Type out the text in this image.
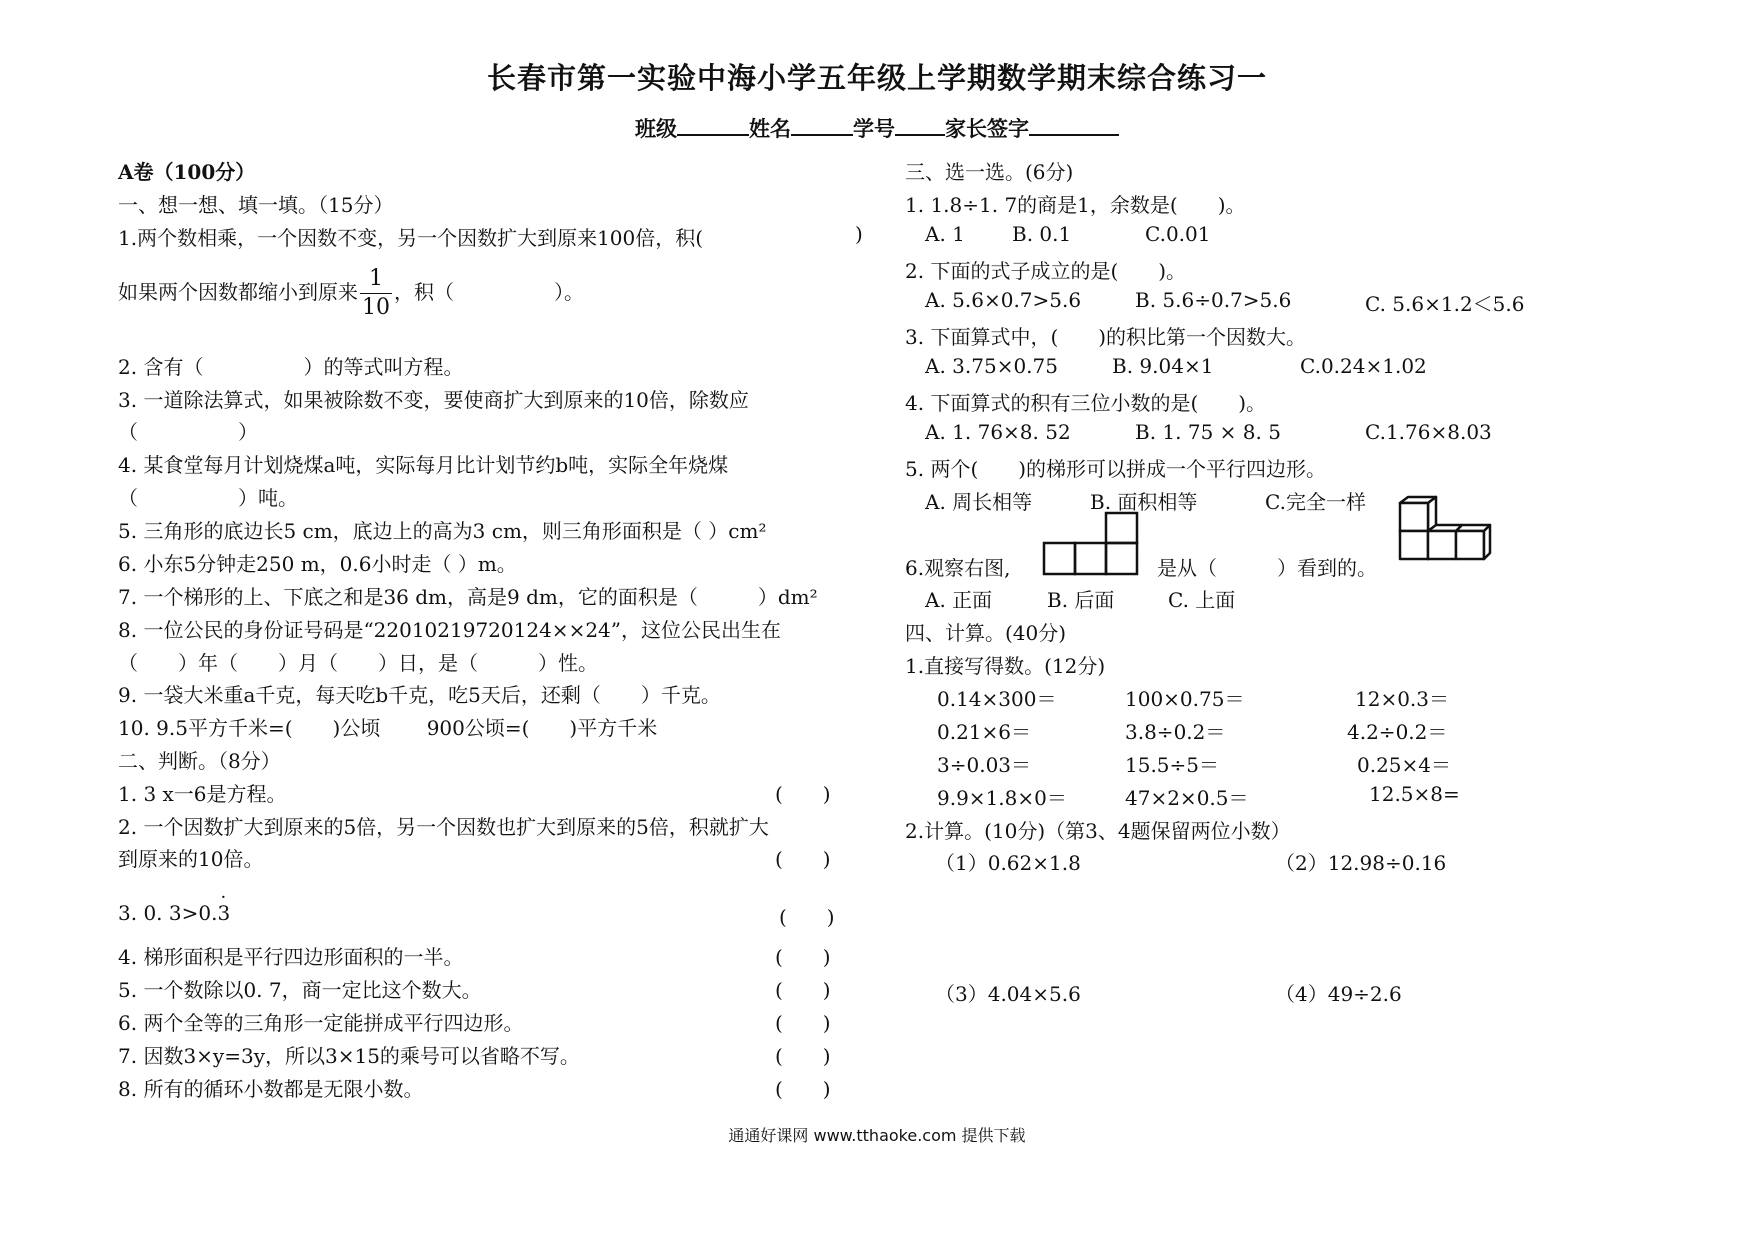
长春市第一实验中海小学五年级上学期数学期末综合练习一
班级	姓名	学号 家长签字
A卷（100分）
一、想一想、填一填。（15分）
1.两个数相乘，一个因数不变，另一个因数扩大到原来100倍，积(	)
如果两个因数都缩小到原来 $\frac{1}{10}$ ，积（　　　　　）。
2. 含有（　　　　　）的等式叫方程。
3. 一道除法算式，如果被除数不变，要使商扩大到原来的10倍，除数应
（　　　　　）
4. 某食堂每月计划烧煤a吨，实际每月比计划节约b吨，实际全年烧煤
（　　　　　）吨。
5. 三角形的底边长5 cm，底边上的高为3 cm，则三角形面积是（ ）cm²
6. 小东5分钟走250 m，0.6小时走（ ）m。
7. 一个梯形的上、下底之和是36 dm，高是9 dm，它的面积是（　　　）dm²
8. 一位公民的身份证号码是“22010219720124××24”，这位公民出生在
（　　）年（　　）月（　　）日，是（　　　）性。
9. 一袋大米重a千克，每天吃b千克，吃5天后，还剩（　　）千克。
10. 9.5平方千米=(　　)公顷　　 900公顷=(　　)平方千米
二、判断。（8分）
1. 3 x一6是方程。	(　　)
2. 一个因数扩大到原来的5倍，另一个因数也扩大到原来的5倍，积就扩大
到原来的10倍。	(　　)
3. 0. 3>0.· 3	(　　)
4. 梯形面积是平行四边形面积的一半。	(　　)
5. 一个数除以0. 7，商一定比这个数大。	(　　)
6. 两个全等的三角形一定能拼成平行四边形。	(　　)
7. 因数3×y=3y，所以3×15的乘号可以省略不写。	(　　)
8. 所有的循环小数都是无限小数。	(　　)
三、选一选。(6分)
1. 1.8÷1. 7的商是1，余数是(　　)。
A. 1 B. 0.1	C.0.01
2. 下面的式子成立的是(　　)。
A. 5.6×0.7>5.6	B. 5.6÷0.7>5.6	C. 5.6×1.2＜5.6
3. 下面算式中，(　　)的积比第一个因数大。
A. 3.75×0.75	B. 9.04×1	C.0.24×1.02
4. 下面算式的积有三位小数的是(　　)。
A. 1. 76×8. 52	B. 1. 75 × 8. 5	C.1.76×8.03
5. 两个(　　)的梯形可以拼成一个平行四边形。
A. 周长相等	B. 面积相等	C.完全一样
6.观察右图,	是从（　　　）看到的。
A. 正面	B. 后面	C. 上面
四、计算。(40分)
1.直接写得数。(12分)
0.14×300＝	100×0.75＝	12×0.3＝
0.21×6＝	3.8÷0.2＝	4.2÷0.2＝
3÷0.03＝	15.5÷5＝	0.25×4＝
9.9×1.8×0＝	47×2×0.5＝	12.5×8=
2.计算。(10分)（第3、4题保留两位小数）
（1）0.62×1.8	（2）12.98÷0.16
（3）4.04×5.6	（4）49÷2.6
通通好课网 www.tthaoke.com 提供下载
